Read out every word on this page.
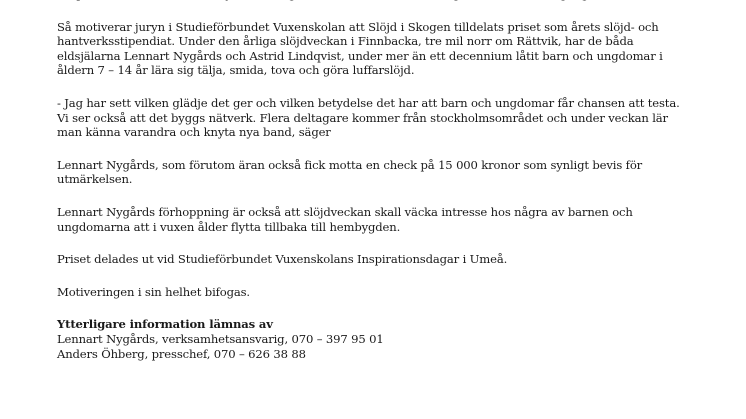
Så motiverar juryn i Studieförbundet Vuxenskolan att Slöjd i Skogen tilldelats priset som årets slöjd- och
hantverksstipendiat. Under den årliga slöjdveckan i Finnbacka, tre mil norr om Rättvik, har de båda
eldsjälarna Lennart Nygårds och Astrid Lindqvist, under mer än ett decennium låtit barn och ungdomar i
åldern 7 – 14 år lära sig tälja, smida, tova och göra luffarslöjd.

- Jag har sett vilken glädje det ger och vilken betydelse det har att barn och ungdomar får chansen att testa.
Vi ser också att det byggs nätverk. Flera deltagare kommer från stockholmsområdet och under veckan lär
man känna varandra och knyta nya band, säger

Lennart Nygårds, som förutom äran också fick motta en check på 15 000 kronor som synligt bevis för
utmärkelsen.

Lennart Nygårds förhoppning är också att slöjdveckan skall väcka intresse hos några av barnen och
ungdomarna att i vuxen ålder flytta tillbaka till hembygden.

Priset delades ut vid Studieförbundet Vuxenskolans Inspirationsdagar i Umeå.

Motiveringen i sin helhet bifogas.

Ytterligare information lämnas av
Lennart Nygårds, verksamhetsansvarig, 070 – 397 95 01
Anders Öhberg, presschef, 070 – 626 38 88
